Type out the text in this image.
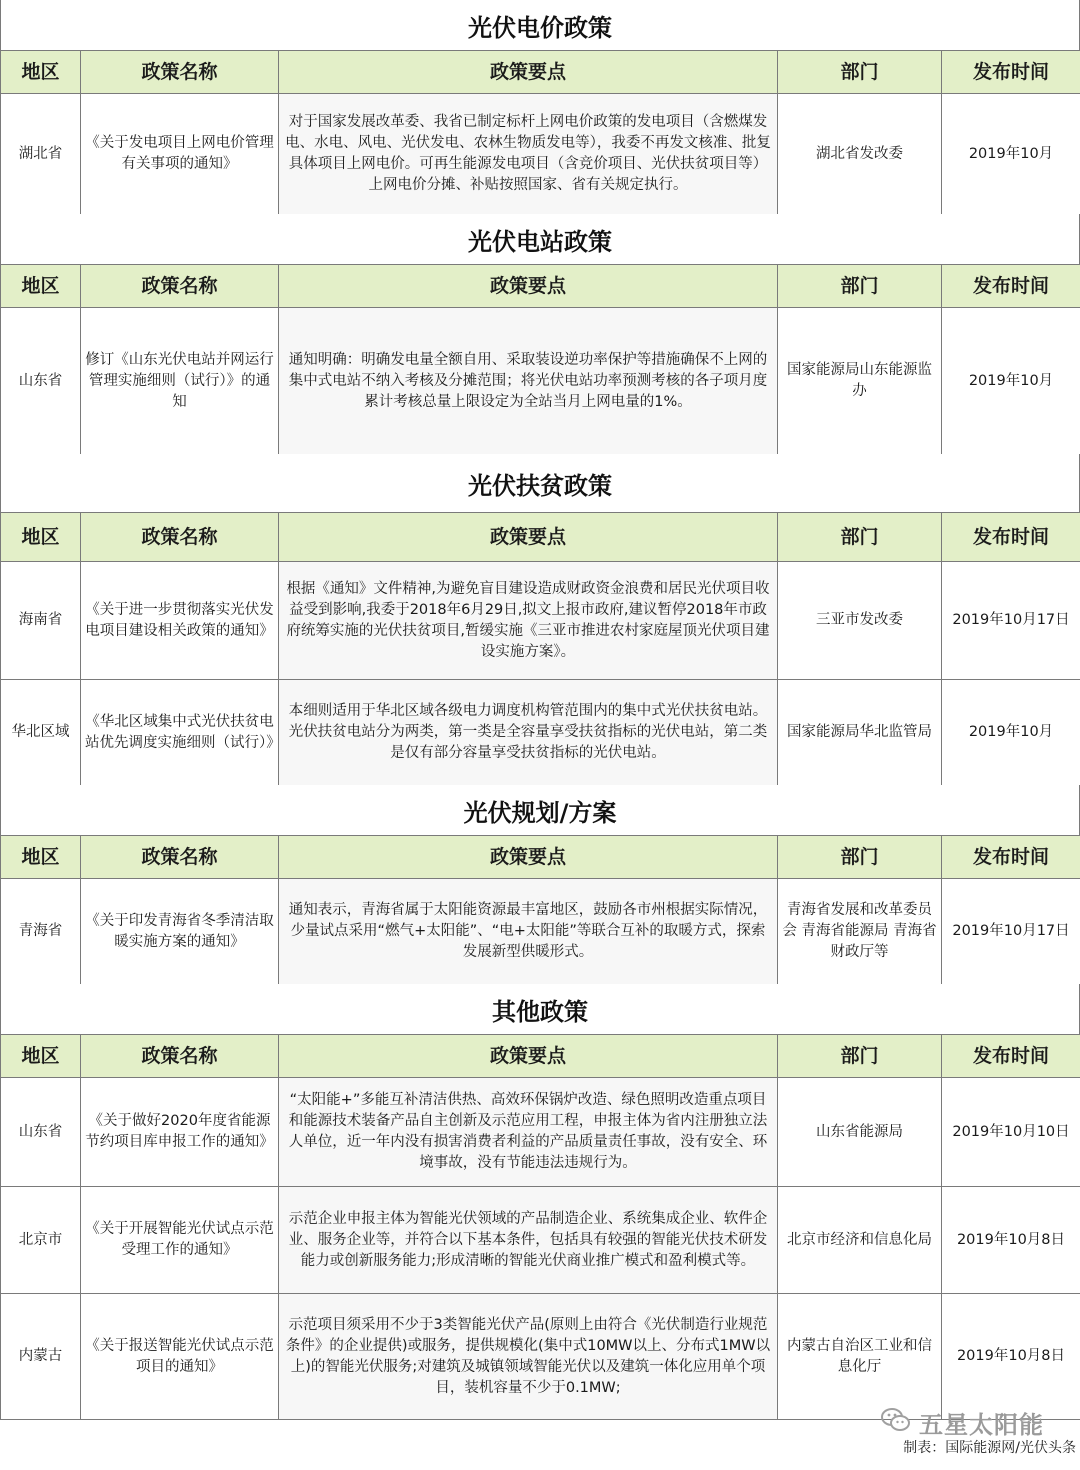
光伏电价政策
地区	政策名称	政策要点	部门	发布时间
湖北省	《关于发电项目上网电价管理有关事项的通知》	对于国家发展改革委、我省已制定标杆上网电价政策的发电项目（含燃煤发电、水电、风电、光伏发电、农林生物质发电等），我委不再发文核准、批复具体项目上网电价。可再生能源发电项目（含竞价项目、光伏扶贫项目等）上网电价分摊、补贴按照国家、省有关规定执行。	湖北省发改委	2019年10月
光伏电站政策
地区	政策名称	政策要点	部门	发布时间
山东省	修订《山东光伏电站并网运行管理实施细则（试行）》的通知	通知明确：明确发电量全额自用、采取装设逆功率保护等措施确保不上网的集中式电站不纳入考核及分摊范围；将光伏电站功率预测考核的各子项月度累计考核总量上限设定为全站当月上网电量的1%。	国家能源局山东能源监办	2019年10月
光伏扶贫政策
地区	政策名称	政策要点	部门	发布时间
海南省	《关于进一步贯彻落实光伏发电项目建设相关政策的通知》	根据《通知》文件精神,为避免盲目建设造成财政资金浪费和居民光伏项目收益受到影响,我委于2018年6月29日,拟文上报市政府,建议暂停2018年市政府统筹实施的光伏扶贫项目,暂缓实施《三亚市推进农村家庭屋顶光伏项目建设实施方案》。	三亚市发改委	2019年10月17日
华北区域	《华北区域集中式光伏扶贫电站优先调度实施细则（试行）》	本细则适用于华北区域各级电力调度机构管范围内的集中式光伏扶贫电站。光伏扶贫电站分为两类，第一类是全容量享受扶贫指标的光伏电站，第二类是仅有部分容量享受扶贫指标的光伏电站。	国家能源局华北监管局	2019年10月
光伏规划/方案
地区	政策名称	政策要点	部门	发布时间
青海省	《关于印发青海省冬季清洁取暖实施方案的通知》	通知表示，青海省属于太阳能资源最丰富地区，鼓励各市州根据实际情况，少量试点采用“燃气+太阳能”、“电+太阳能”等联合互补的取暖方式，探索发展新型供暖形式。	青海省发展和改革委员会 青海省能源局 青海省财政厅等	2019年10月17日
其他政策
地区	政策名称	政策要点	部门	发布时间
山东省	《关于做好2020年度省能源节约项目库申报工作的通知》	“太阳能+”多能互补清洁供热、高效环保锅炉改造、绿色照明改造重点项目和能源技术装备产品自主创新及示范应用工程，申报主体为省内注册独立法人单位，近一年内没有损害消费者利益的产品质量责任事故，没有安全、环境事故，没有节能违法违规行为。	山东省能源局	2019年10月10日
北京市	《关于开展智能光伏试点示范受理工作的通知》	示范企业申报主体为智能光伏领域的产品制造企业、系统集成企业、软件企业、服务企业等，并符合以下基本条件，包括具有较强的智能光伏技术研发能力或创新服务能力;形成清晰的智能光伏商业推广模式和盈利模式等。	北京市经济和信息化局	2019年10月8日
内蒙古	《关于报送智能光伏试点示范项目的通知》	示范项目须采用不少于3类智能光伏产品(原则上由符合《光伏制造行业规范条件》的企业提供)或服务，提供规模化(集中式10MW以上、分布式1MW以上)的智能光伏服务;对建筑及城镇领域智能光伏以及建筑一体化应用单个项目，装机容量不少于0.1MW;	内蒙古自治区工业和信息化厅	2019年10月8日
五星太阳能
制表：国际能源网/光伏头条
